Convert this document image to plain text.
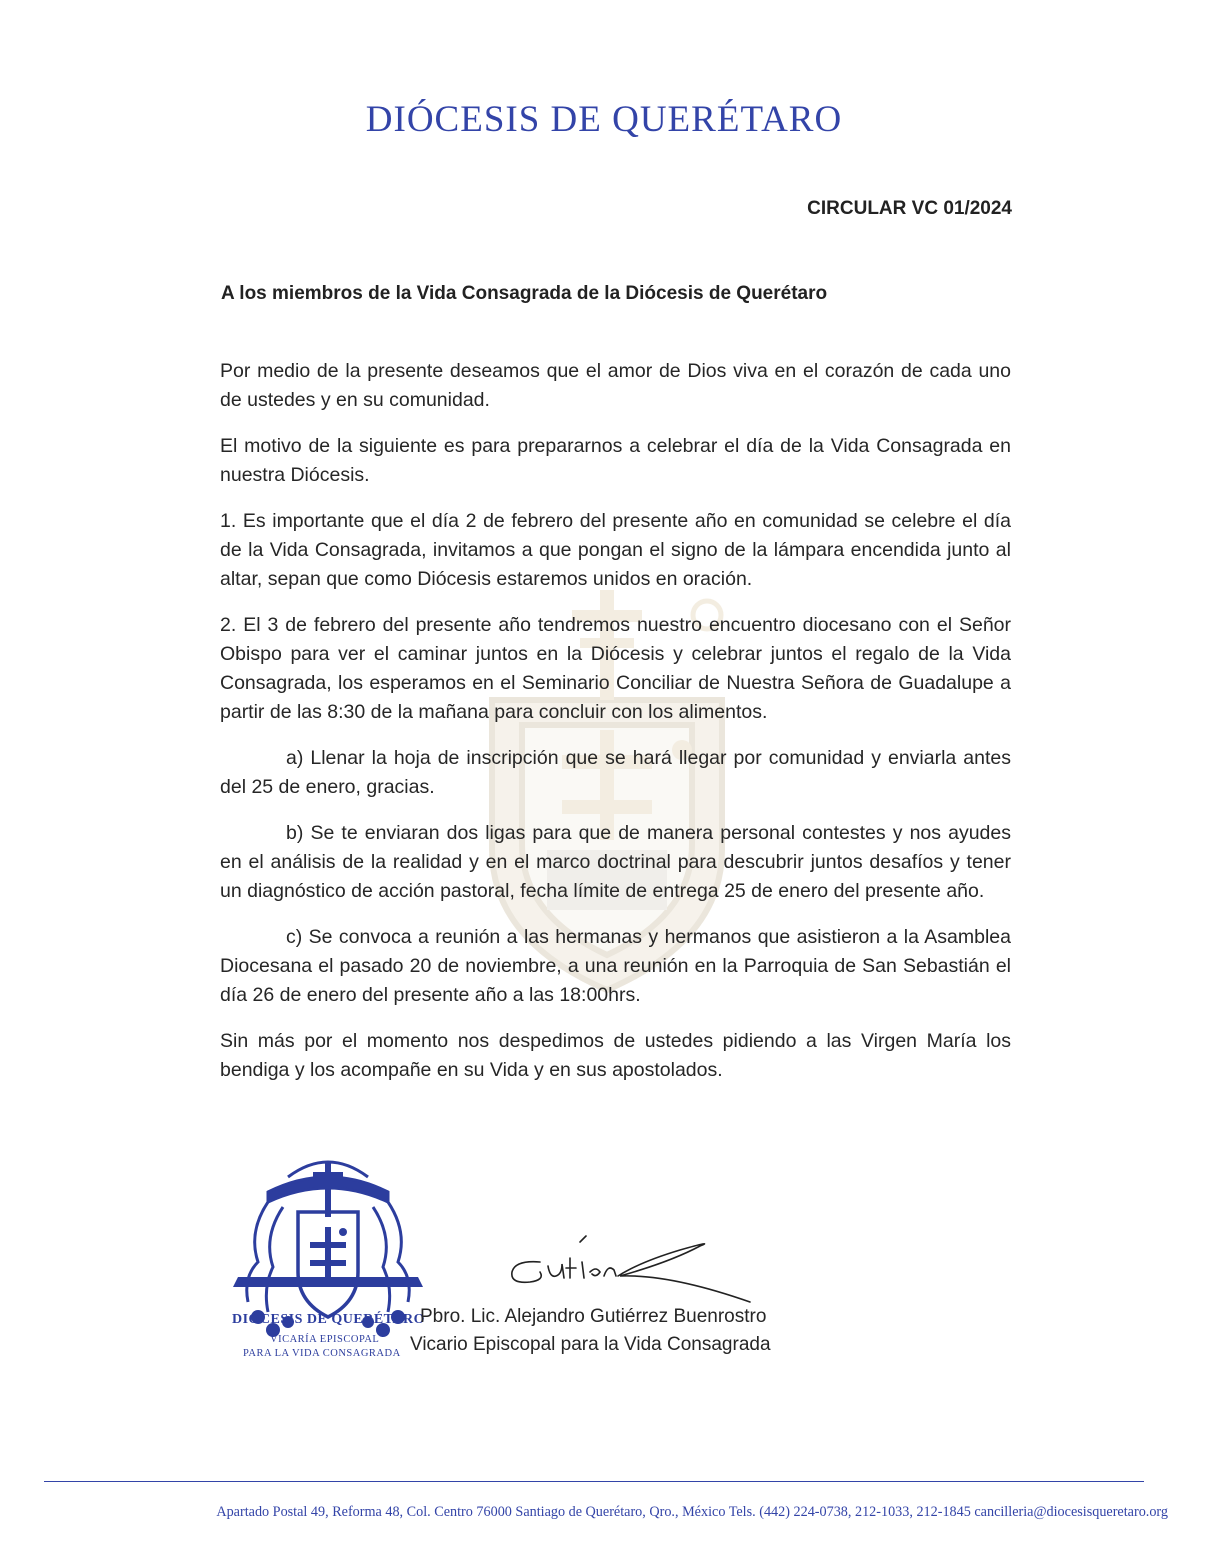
DIÓCESIS DE QUERÉTARO
CIRCULAR VC 01/2024
A los miembros de la Vida Consagrada de la Diócesis de Querétaro

Por medio de la presente deseamos que el amor de Dios viva en el corazón de cada uno de ustedes y en su comunidad.

El motivo de la siguiente es para prepararnos a celebrar el día de la Vida Consagrada en nuestra Diócesis.

1. Es importante que el día 2 de febrero del presente año en comunidad se celebre el día de la Vida Consagrada, invitamos a que pongan el signo de la lámpara encendida junto al altar, sepan que como Diócesis estaremos unidos en oración.

2. El 3 de febrero del presente año tendremos nuestro encuentro diocesano con el Señor Obispo para ver el caminar juntos en la Diócesis y celebrar juntos el regalo de la Vida Consagrada, los esperamos en el Seminario Conciliar de Nuestra Señora de Guadalupe a partir de las 8:30 de la mañana para concluir con los alimentos.

a) Llenar la hoja de inscripción que se hará llegar por comunidad y enviarla antes del 25 de enero, gracias.

b) Se te enviaran dos ligas para que de manera personal contestes y nos ayudes en el análisis de la realidad y en el marco doctrinal para descubrir juntos desafíos y tener un diagnóstico de acción pastoral, fecha límite de entrega 25 de enero del presente año.

c) Se convoca a reunión a las hermanas y hermanos que asistieron a la Asamblea Diocesana el pasado 20 de noviembre, a una reunión en la Parroquia de San Sebastián el día 26 de enero del presente año a las 18:00hrs.

Sin más por el momento nos despedimos de ustedes pidiendo a las Virgen María los bendiga y los acompañe en su Vida y en sus apostolados.

DIÓCESIS DE QUERÉTARO
VICARÍA EPISCOPAL
PARA LA VIDA CONSAGRADA
Pbro. Lic. Alejandro Gutiérrez Buenrostro
Vicario Episcopal para la Vida Consagrada
Apartado Postal 49, Reforma 48, Col. Centro 76000 Santiago de Querétaro, Qro., México Tels. (442) 224-0738, 212-1033, 212-1845 cancilleria@diocesisqueretaro.org
